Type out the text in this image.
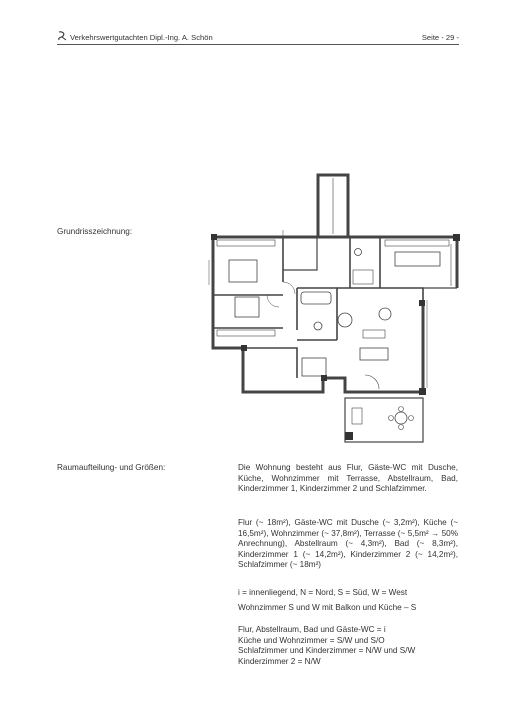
Verkehrswertgutachten Dipl.-Ing. A. Schön	Seite - 29 -
Grundrisszeichnung:
Raumaufteilung- und Größen:	Die Wohnung besteht aus Flur, Gäste-WC mit Dusche, Küche, Wohnzimmer mit Terrasse, Abstellraum, Bad, Kinderzimmer 1, Kinderzimmer 2 und Schlafzimmer.
Flur (~ 18m²), Gäste-WC mit Dusche (~ 3,2m²), Küche (~ 16,5m²), Wohnzimmer (~ 37,8m²), Terrasse (~ 5,5m² → 50% Anrechnung), Abstellraum (~ 4,3m²), Bad (~ 8,3m²), Kinderzimmer 1 (~ 14,2m²), Kinderzimmer 2 (~ 14,2m²), Schlafzimmer (~ 18m²)
i = innenliegend, N = Nord, S = Süd, W = West
Wohnzimmer S und W mit Balkon und Küche – S
Flur, Abstellraum, Bad und Gäste-WC = i
Küche und Wohnzimmer = S/W und S/O
Schlafzimmer und Kinderzimmer = N/W und S/W
Kinderzimmer 2 = N/W
